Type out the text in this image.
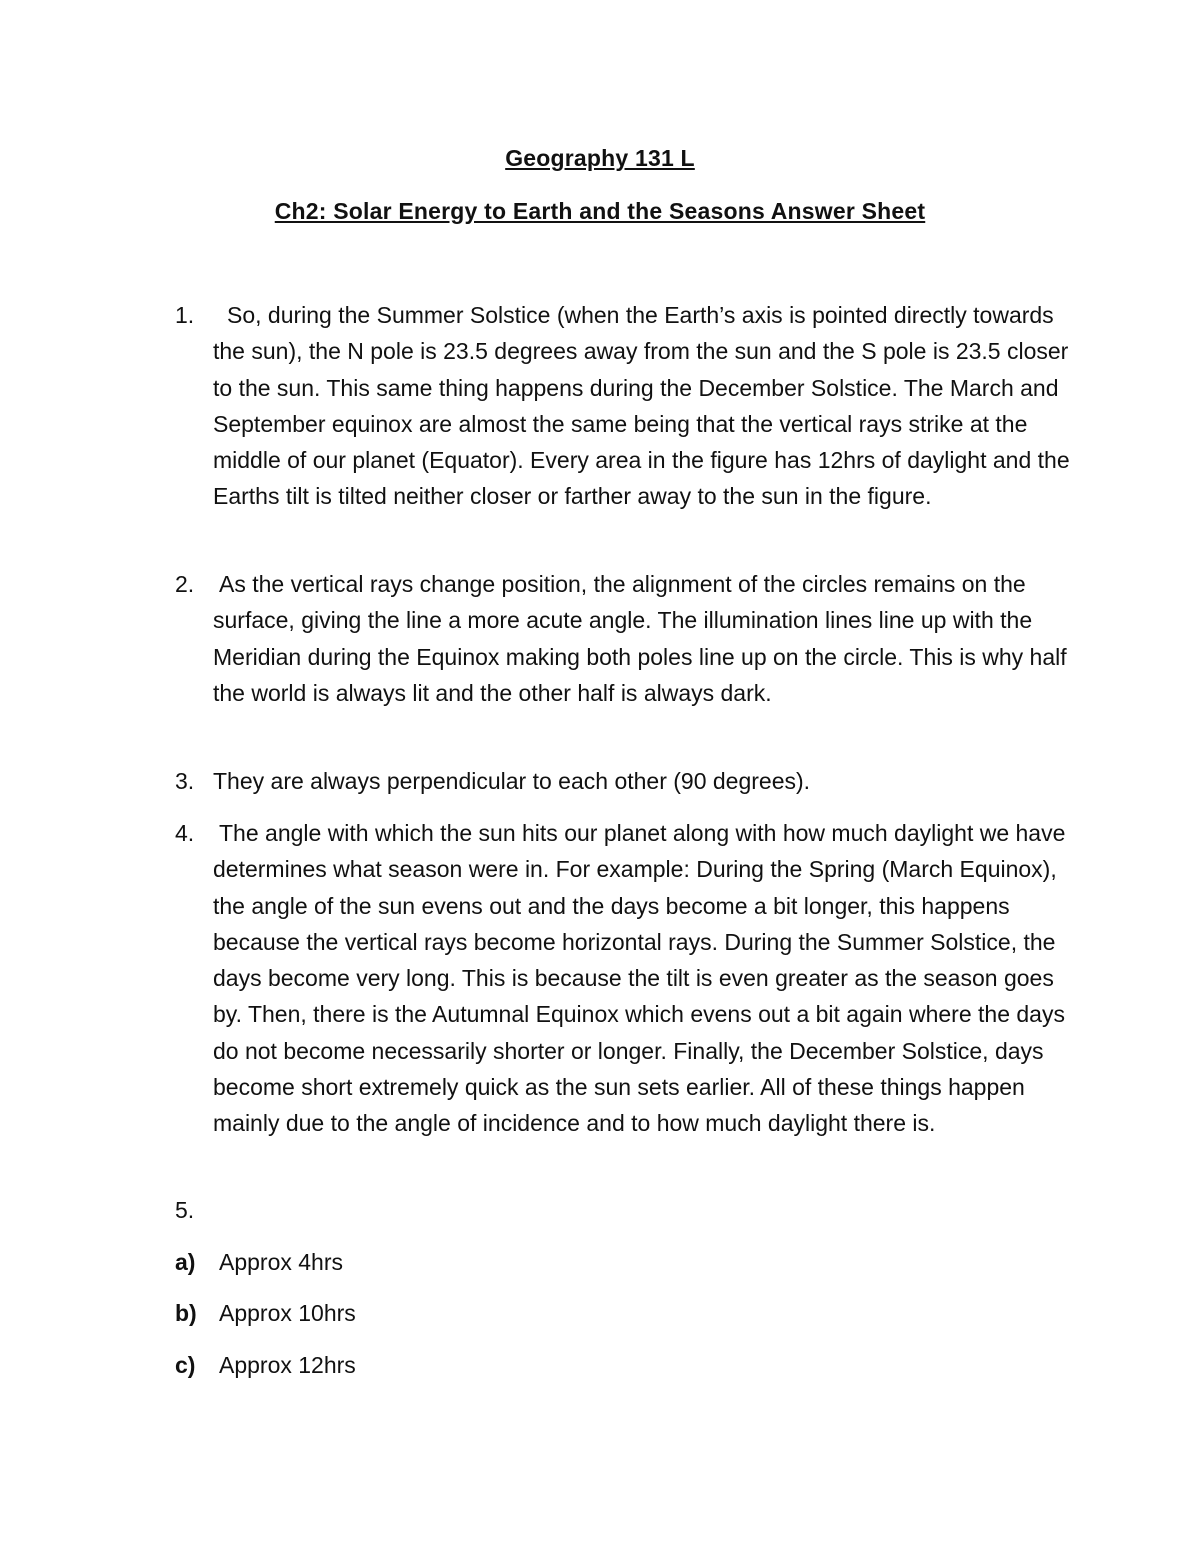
Geography 131 L
Ch2: Solar Energy to Earth and the Seasons Answer Sheet
1.	So, during the Summer Solstice (when the Earth’s axis is pointed directly towards the sun), the N pole is 23.5 degrees away from the sun and the S pole is 23.5 closer to the sun. This same thing happens during the December Solstice. The March and September equinox are almost the same being that the vertical rays strike at the middle of our planet (Equator). Every area in the figure has 12hrs of daylight and the Earths tilt is tilted neither closer or farther away to the sun in the figure.
2.	As the vertical rays change position, the alignment of the circles remains on the surface, giving the line a more acute angle. The illumination lines line up with the Meridian during the Equinox making both poles line up on the circle. This is why half the world is always lit and the other half is always dark.
3. They are always perpendicular to each other (90 degrees).
4.	The angle with which the sun hits our planet along with how much daylight we have determines what season were in. For example: During the Spring (March Equinox), the angle of the sun evens out and the days become a bit longer, this happens because the vertical rays become horizontal rays. During the Summer Solstice, the days become very long. This is because the tilt is even greater as the season goes by. Then, there is the Autumnal Equinox which evens out a bit again where the days do not become necessarily shorter or longer. Finally, the December Solstice, days become short extremely quick as the sun sets earlier. All of these things happen mainly due to the angle of incidence and to how much daylight there is.
5.
a)	Approx 4hrs
b) Approx 10hrs
c)	Approx 12hrs
